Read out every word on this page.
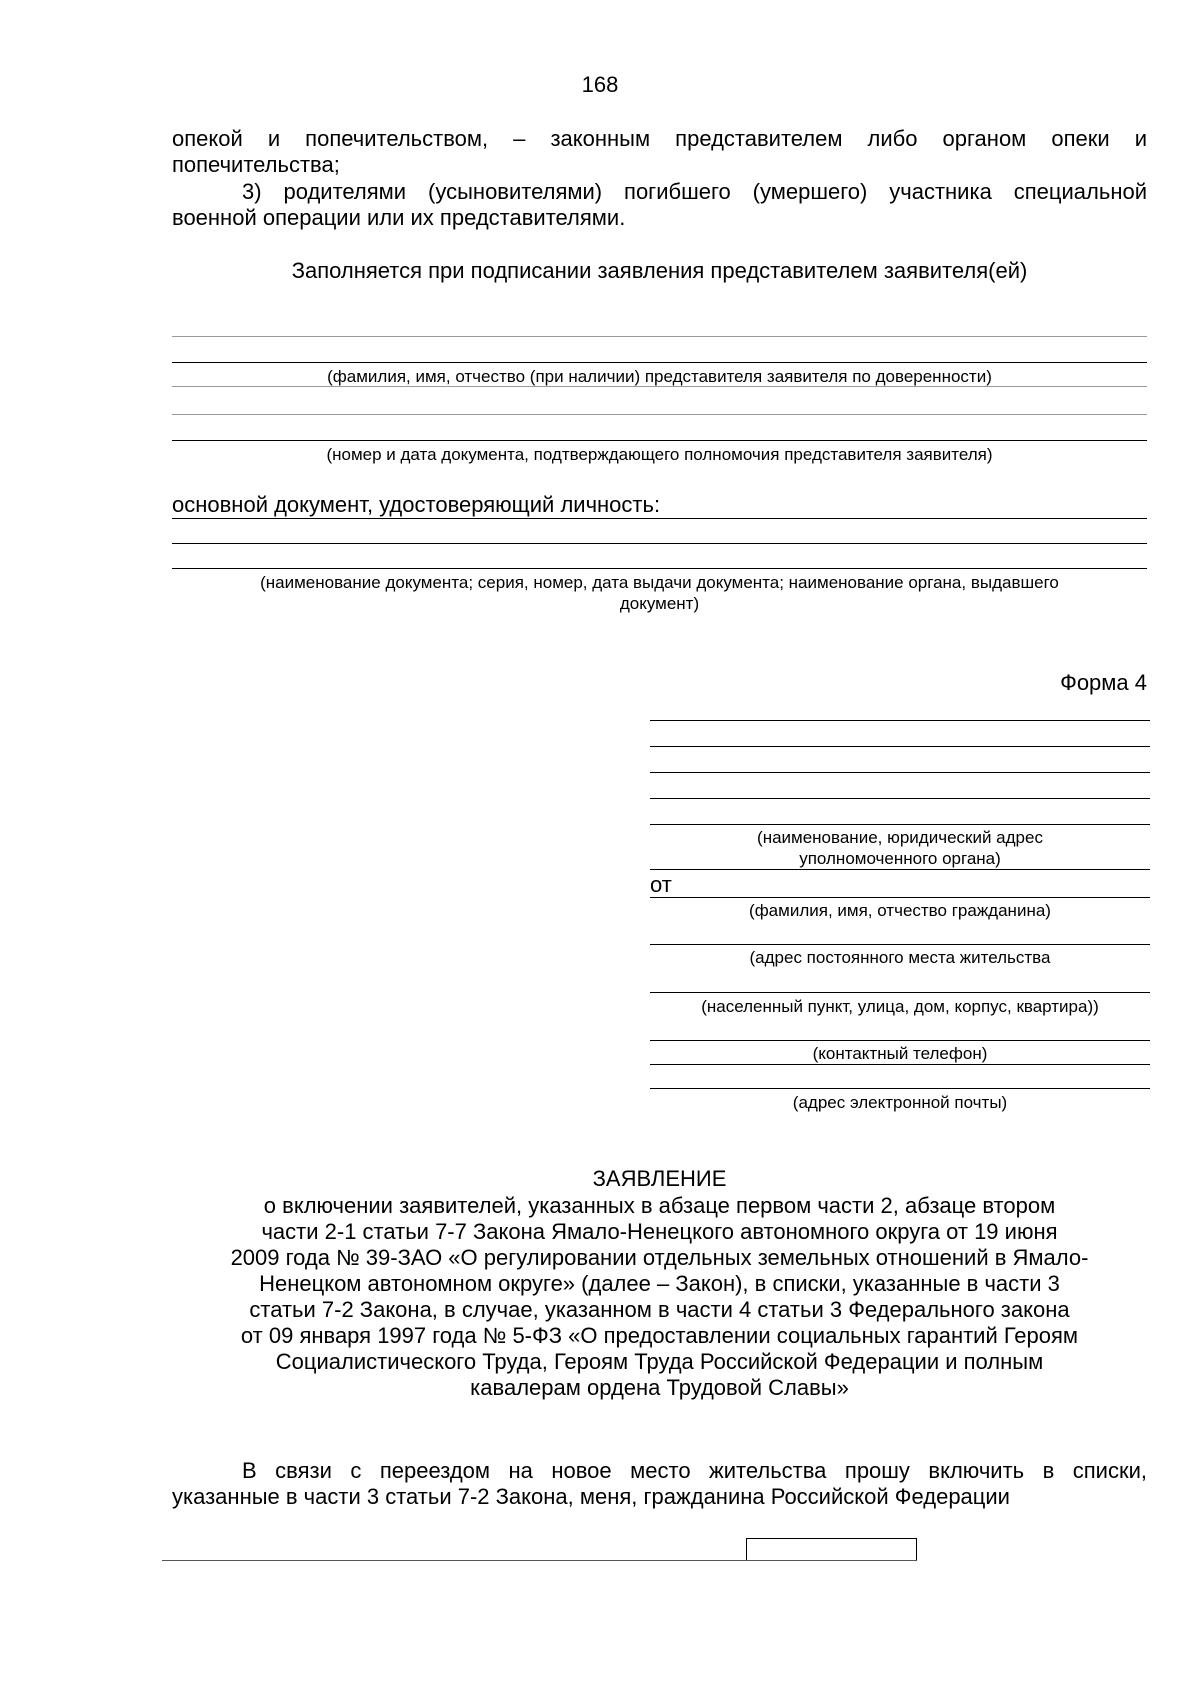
168
опекой и попечительством, – законным представителем либо органом опеки и
попечительства;
3) родителями (усыновителями) погибшего (умершего) участника специальной
военной операции или их представителями.
Заполняется при подписании заявления представителем заявителя(ей)
(фамилия, имя, отчество (при наличии) представителя заявителя по доверенности)
(номер и дата документа, подтверждающего полномочия представителя заявителя)
основной документ, удостоверяющий личность:
(наименование документа; серия, номер, дата выдачи документа; наименование органа, выдавшего
документ)
Форма 4
(наименование, юридический адрес
уполномоченного органа)
от
(фамилия, имя, отчество гражданина)
(адрес постоянного места жительства
(населенный пункт, улица, дом, корпус, квартира))
(контактный телефон)
(адрес электронной почты)
ЗАЯВЛЕНИЕ
о включении заявителей, указанных в абзаце первом части 2, абзаце втором
части 2-1 статьи 7-7 Закона Ямало-Ненецкого автономного округа от 19 июня
2009 года № 39-ЗАО «О регулировании отдельных земельных отношений в Ямало-
Ненецком автономном округе» (далее – Закон), в списки, указанные в части 3
статьи 7-2 Закона, в случае, указанном в части 4 статьи 3 Федерального закона
от 09 января 1997 года № 5-ФЗ «О предоставлении социальных гарантий Героям
Социалистического Труда, Героям Труда Российской Федерации и полным
кавалерам ордена Трудовой Славы»
В связи с переездом на новое место жительства прошу включить в списки,
указанные в части 3 статьи 7-2 Закона, меня, гражданина Российской Федерации
